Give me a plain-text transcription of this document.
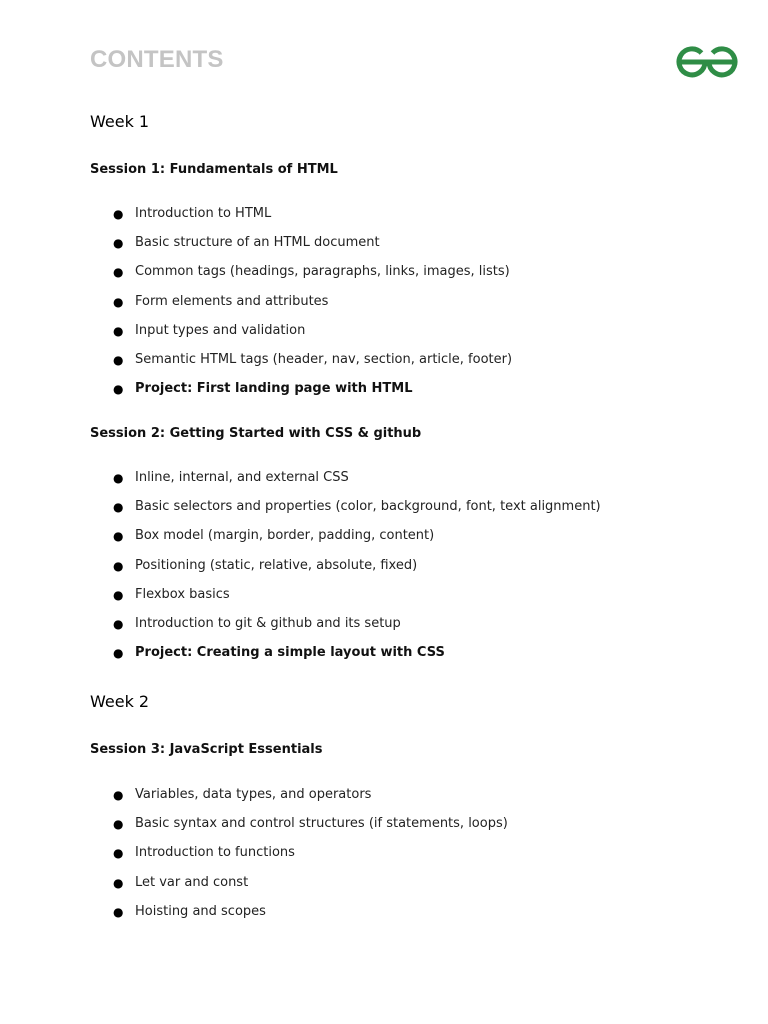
CONTENTS
Week 1
Session 1: Fundamentals of HTML
● Introduction to HTML
● Basic structure of an HTML document
● Common tags (headings, paragraphs, links, images, lists)
● Form elements and attributes
● Input types and validation
● Semantic HTML tags (header, nav, section, article, footer)
● Project: First landing page with HTML
Session 2: Getting Started with CSS & github
● Inline, internal, and external CSS
● Basic selectors and properties (color, background, font, text alignment)
● Box model (margin, border, padding, content)
● Positioning (static, relative, absolute, fixed)
● Flexbox basics
● Introduction to git & github and its setup
● Project: Creating a simple layout with CSS
Week 2
Session 3: JavaScript Essentials
● Variables, data types, and operators
● Basic syntax and control structures (if statements, loops)
● Introduction to functions
● Let var and const
● Hoisting and scopes
